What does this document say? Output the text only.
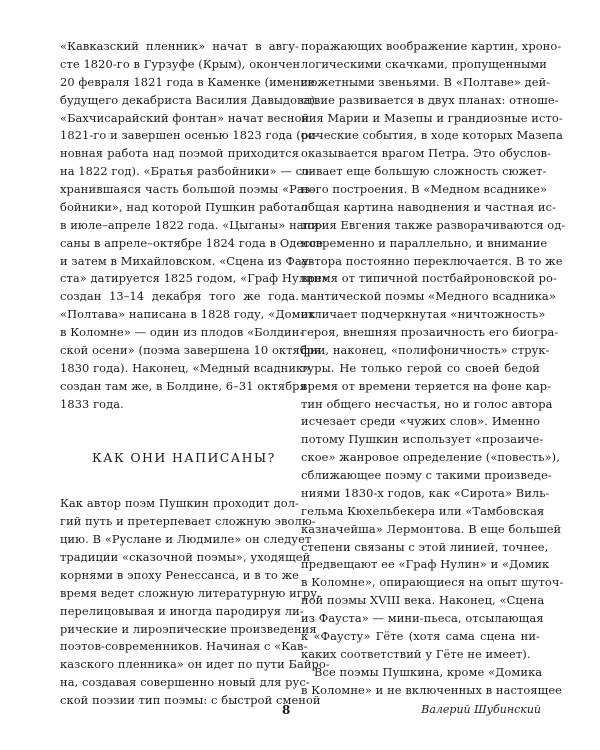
«Кавказский пленник» начат в авгу-
сте 1820-го в Гурзуфе (Крым), окончен
20 февраля 1821 года в Каменке (имение
будущего декабриста Василия Давыдова).
«Бахчисарайский фонтан» начат весной
1821-го и завершен осенью 1823 года (ос-
новная работа над поэмой приходится
на 1822 год). «Братья разбойники» — со-
хранившаяся часть большой поэмы «Раз-
бойники», над которой Пушкин работал
в июле–апреле 1822 года. «Цыганы» напи-
саны в апреле–октябре 1824 года в Одессе
и затем в Михайловском. «Сцена из Фау-
ста» датируется 1825 годом, «Граф Нулин»
создан 13–14 декабря того же года.
«Полтава» написана в 1828 году, «Домик
в Коломне» — один из плодов «Болдин-
ской осени» (поэма завершена 10 октября
1830 года). Наконец, «Медный всадник»
создан там же, в Болдине, 6–31 октября
1833 года.
КАК ОНИ НАПИСАНЫ?
Как автор поэм Пушкин проходит дол-
гий путь и претерпевает сложную эволю-
цию. В «Руслане и Людмиле» он следует
традиции «сказочной поэмы», уходящей
корнями в эпоху Ренессанса, и в то же
время ведет сложную литературную игру,
перелицовывая и иногда пародируя ли-
рические и лироэпические произведения
поэтов-современников. Начиная с «Кав-
казского пленника» он идет по пути Байро-
на, создавая совершенно новый для рус-
ской поэзии тип поэмы: с быстрой сменой
поражающих воображение картин, хроно-
логическими скачками, пропущенными
сюжетными звеньями. В «Полтаве» дей-
ствие развивается в двух планах: отноше-
ния Марии и Мазепы и грандиозные исто-
рические события, в ходе которых Мазепа
оказывается врагом Петра. Это обуслов-
ливает еще большую сложность сюжет-
ного построения. В «Медном всаднике»
общая картина наводнения и частная ис-
тория Евгения также разворачиваются од-
новременно и параллельно, и внимание
автора постоянно переключается. В то же
время от типичной постбайроновской ро-
мантической поэмы «Медного всадника»
отличает подчеркнутая «ничтожность»
героя, внешняя прозаичность его биогра-
фии, наконец, «полифоничность» струк-
туры. Не только герой со своей бедой
время от времени теряется на фоне кар-
тин общего несчастья, но и голос автора
исчезает среди «чужих слов». Именно
потому Пушкин использует «прозаиче-
ское» жанровое определение («повесть»),
сближающее поэму с такими произведе-
ниями 1830-х годов, как «Сирота» Виль-
гельма Кюхельбекера или «Тамбовская
казначейша» Лермонтова. В еще большей
степени связаны с этой линией, точнее,
предвещают ее «Граф Нулин» и «Домик
в Коломне», опирающиеся на опыт шуточ-
ной поэмы XVIII века. Наконец, «Сцена
из Фауста» — мини-пьеса, отсылающая
к «Фаусту» Гёте (хотя сама сцена ни-
каких соответствий у Гёте не имеет).
Все поэмы Пушкина, кроме «Домика
в Коломне» и не включенных в настоящее
8	Валерий Шубинский
